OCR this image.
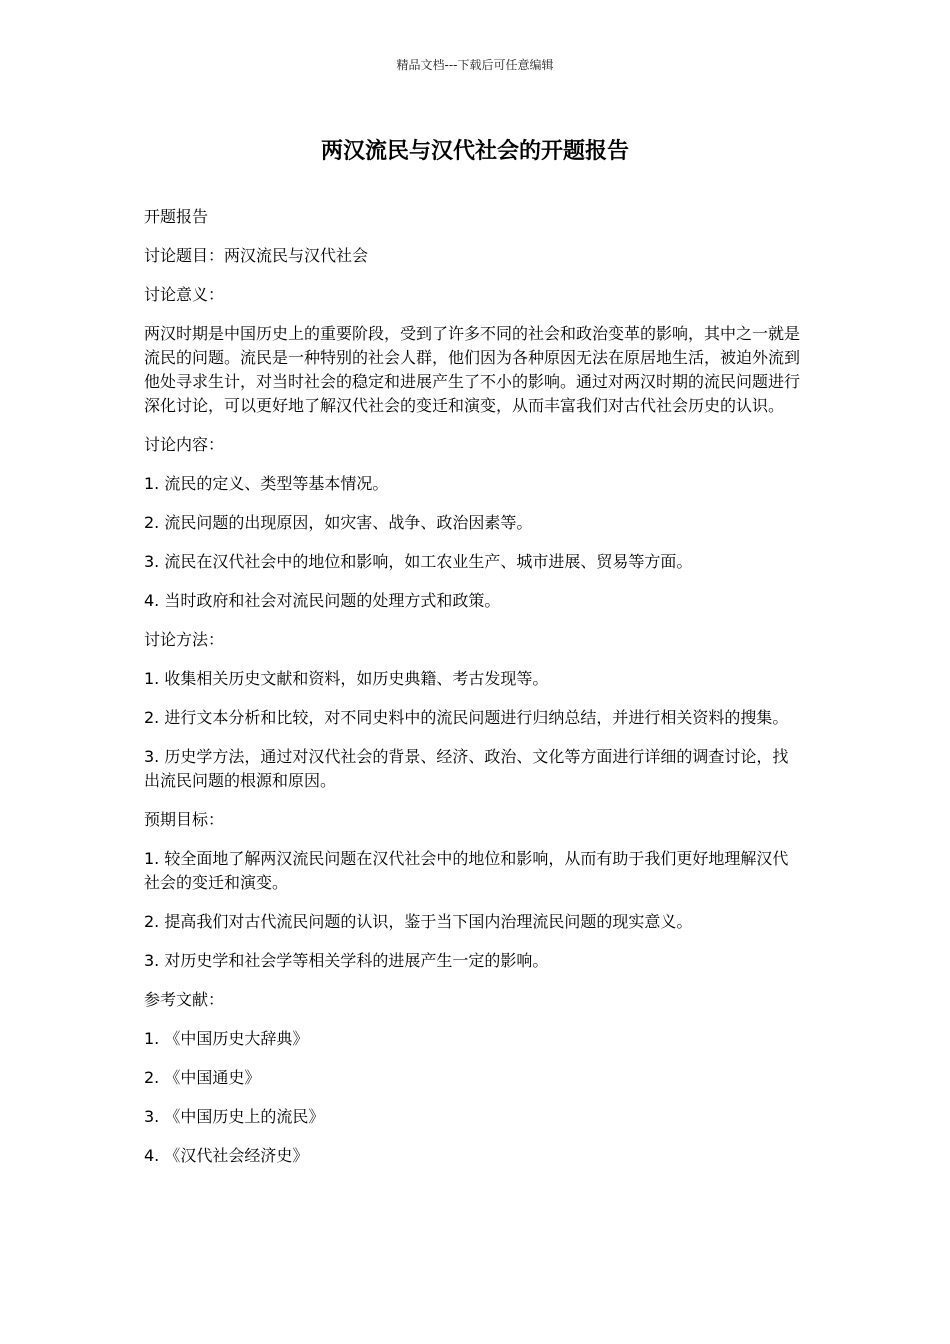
精品文档---下载后可任意编辑
两汉流民与汉代社会的开题报告

开题报告

讨论题目：两汉流民与汉代社会

讨论意义：

两汉时期是中国历史上的重要阶段，受到了许多不同的社会和政治变革的影响，其中之一就是流民的问题。流民是一种特别的社会人群，他们因为各种原因无法在原居地生活，被迫外流到他处寻求生计，对当时社会的稳定和进展产生了不小的影响。通过对两汉时期的流民问题进行深化讨论，可以更好地了解汉代社会的变迁和演变，从而丰富我们对古代社会历史的认识。

讨论内容：

1. 流民的定义、类型等基本情况。

2. 流民问题的出现原因，如灾害、战争、政治因素等。

3. 流民在汉代社会中的地位和影响，如工农业生产、城市进展、贸易等方面。

4. 当时政府和社会对流民问题的处理方式和政策。

讨论方法：

1. 收集相关历史文献和资料，如历史典籍、考古发现等。

2. 进行文本分析和比较，对不同史料中的流民问题进行归纳总结，并进行相关资料的搜集。

3. 历史学方法，通过对汉代社会的背景、经济、政治、文化等方面进行详细的调查讨论，找出流民问题的根源和原因。

预期目标：

1. 较全面地了解两汉流民问题在汉代社会中的地位和影响，从而有助于我们更好地理解汉代社会的变迁和演变。

2. 提高我们对古代流民问题的认识，鉴于当下国内治理流民问题的现实意义。

3. 对历史学和社会学等相关学科的进展产生一定的影响。

参考文献：

1. 《中国历史大辞典》

2. 《中国通史》

3. 《中国历史上的流民》

4. 《汉代社会经济史》
